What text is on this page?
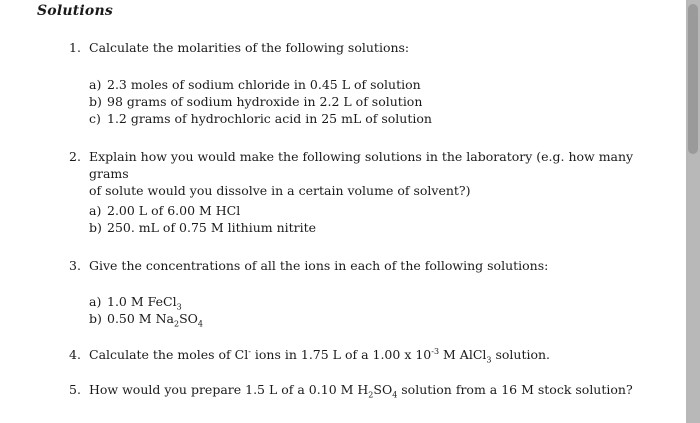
Solutions
1. Calculate the molarities of the following solutions:
a) 2.3 moles of sodium chloride in 0.45 L of solution
b) 98 grams of sodium hydroxide in 2.2 L of solution
c) 1.2 grams of hydrochloric acid in 25 mL of solution
2. Explain how you would make the following solutions in the laboratory (e.g. how many grams
of solute would you dissolve in a certain volume of solvent?)
a) 2.00 L of 6.00 M HCl
b) 250. mL of 0.75 M lithium nitrite
3. Give the concentrations of all the ions in each of the following solutions:
a) 1.0 M FeCl$_3$
b) 0.50 M $Na_2SO_4$
4. Calculate the moles of Cl- ions in 1.75 L of a 1.00 x $10^{-3}$ M AlCl$_3$ solution.
5. How would you prepare 1.5 L of a 0.10 M $H_2SO_4$ solution from a 16 M stock solution?
